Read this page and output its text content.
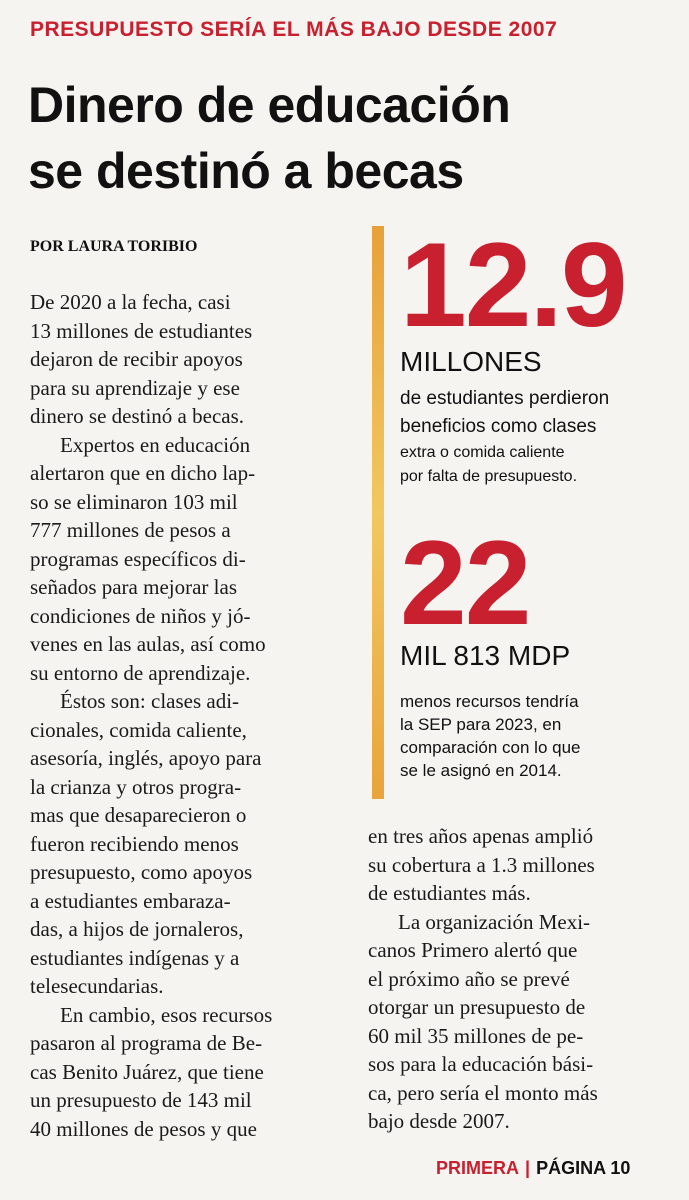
PRESUPUESTO SERÍA EL MÁS BAJO DESDE 2007
Dinero de educación
se destinó a becas
POR LAURA TORIBIO

De 2020 a la fecha, casi

13 millones de estudiantes

dejaron de recibir apoyos

para su aprendizaje y ese

dinero se destinó a becas.

Expertos en educación

alertaron que en dicho lap-

so se eliminaron 103 mil

777 millones de pesos a

programas específicos di-

señados para mejorar las

condiciones de niños y jó-

venes en las aulas, así como

su entorno de aprendizaje.

Éstos son: clases adi-

cionales, comida caliente,

asesoría, inglés, apoyo para

la crianza y otros progra-

mas que desaparecieron o

fueron recibiendo menos

presupuesto, como apoyos

a estudiantes embaraza-

das, a hijos de jornaleros,

estudiantes indígenas y a

telesecundarias.

En cambio, esos recursos

pasaron al programa de Be-

cas Benito Juárez, que tiene

un presupuesto de 143 mil

40 millones de pesos y que

12.9
MILLONES

de estudiantes perdieron

beneficios como clases

extra o comida caliente

por falta de presupuesto.

22
MIL 813 MDP

menos recursos tendría

la SEP para 2023, en

comparación con lo que

se le asignó en 2014.

en tres años apenas amplió

su cobertura a 1.3 millones

de estudiantes más.

La organización Mexi-

canos Primero alertó que

el próximo año se prevé

otorgar un presupuesto de

60 mil 35 millones de pe-

sos para la educación bási-

ca, pero sería el monto más

bajo desde 2007.

PRIMERA | PÁGINA 10
